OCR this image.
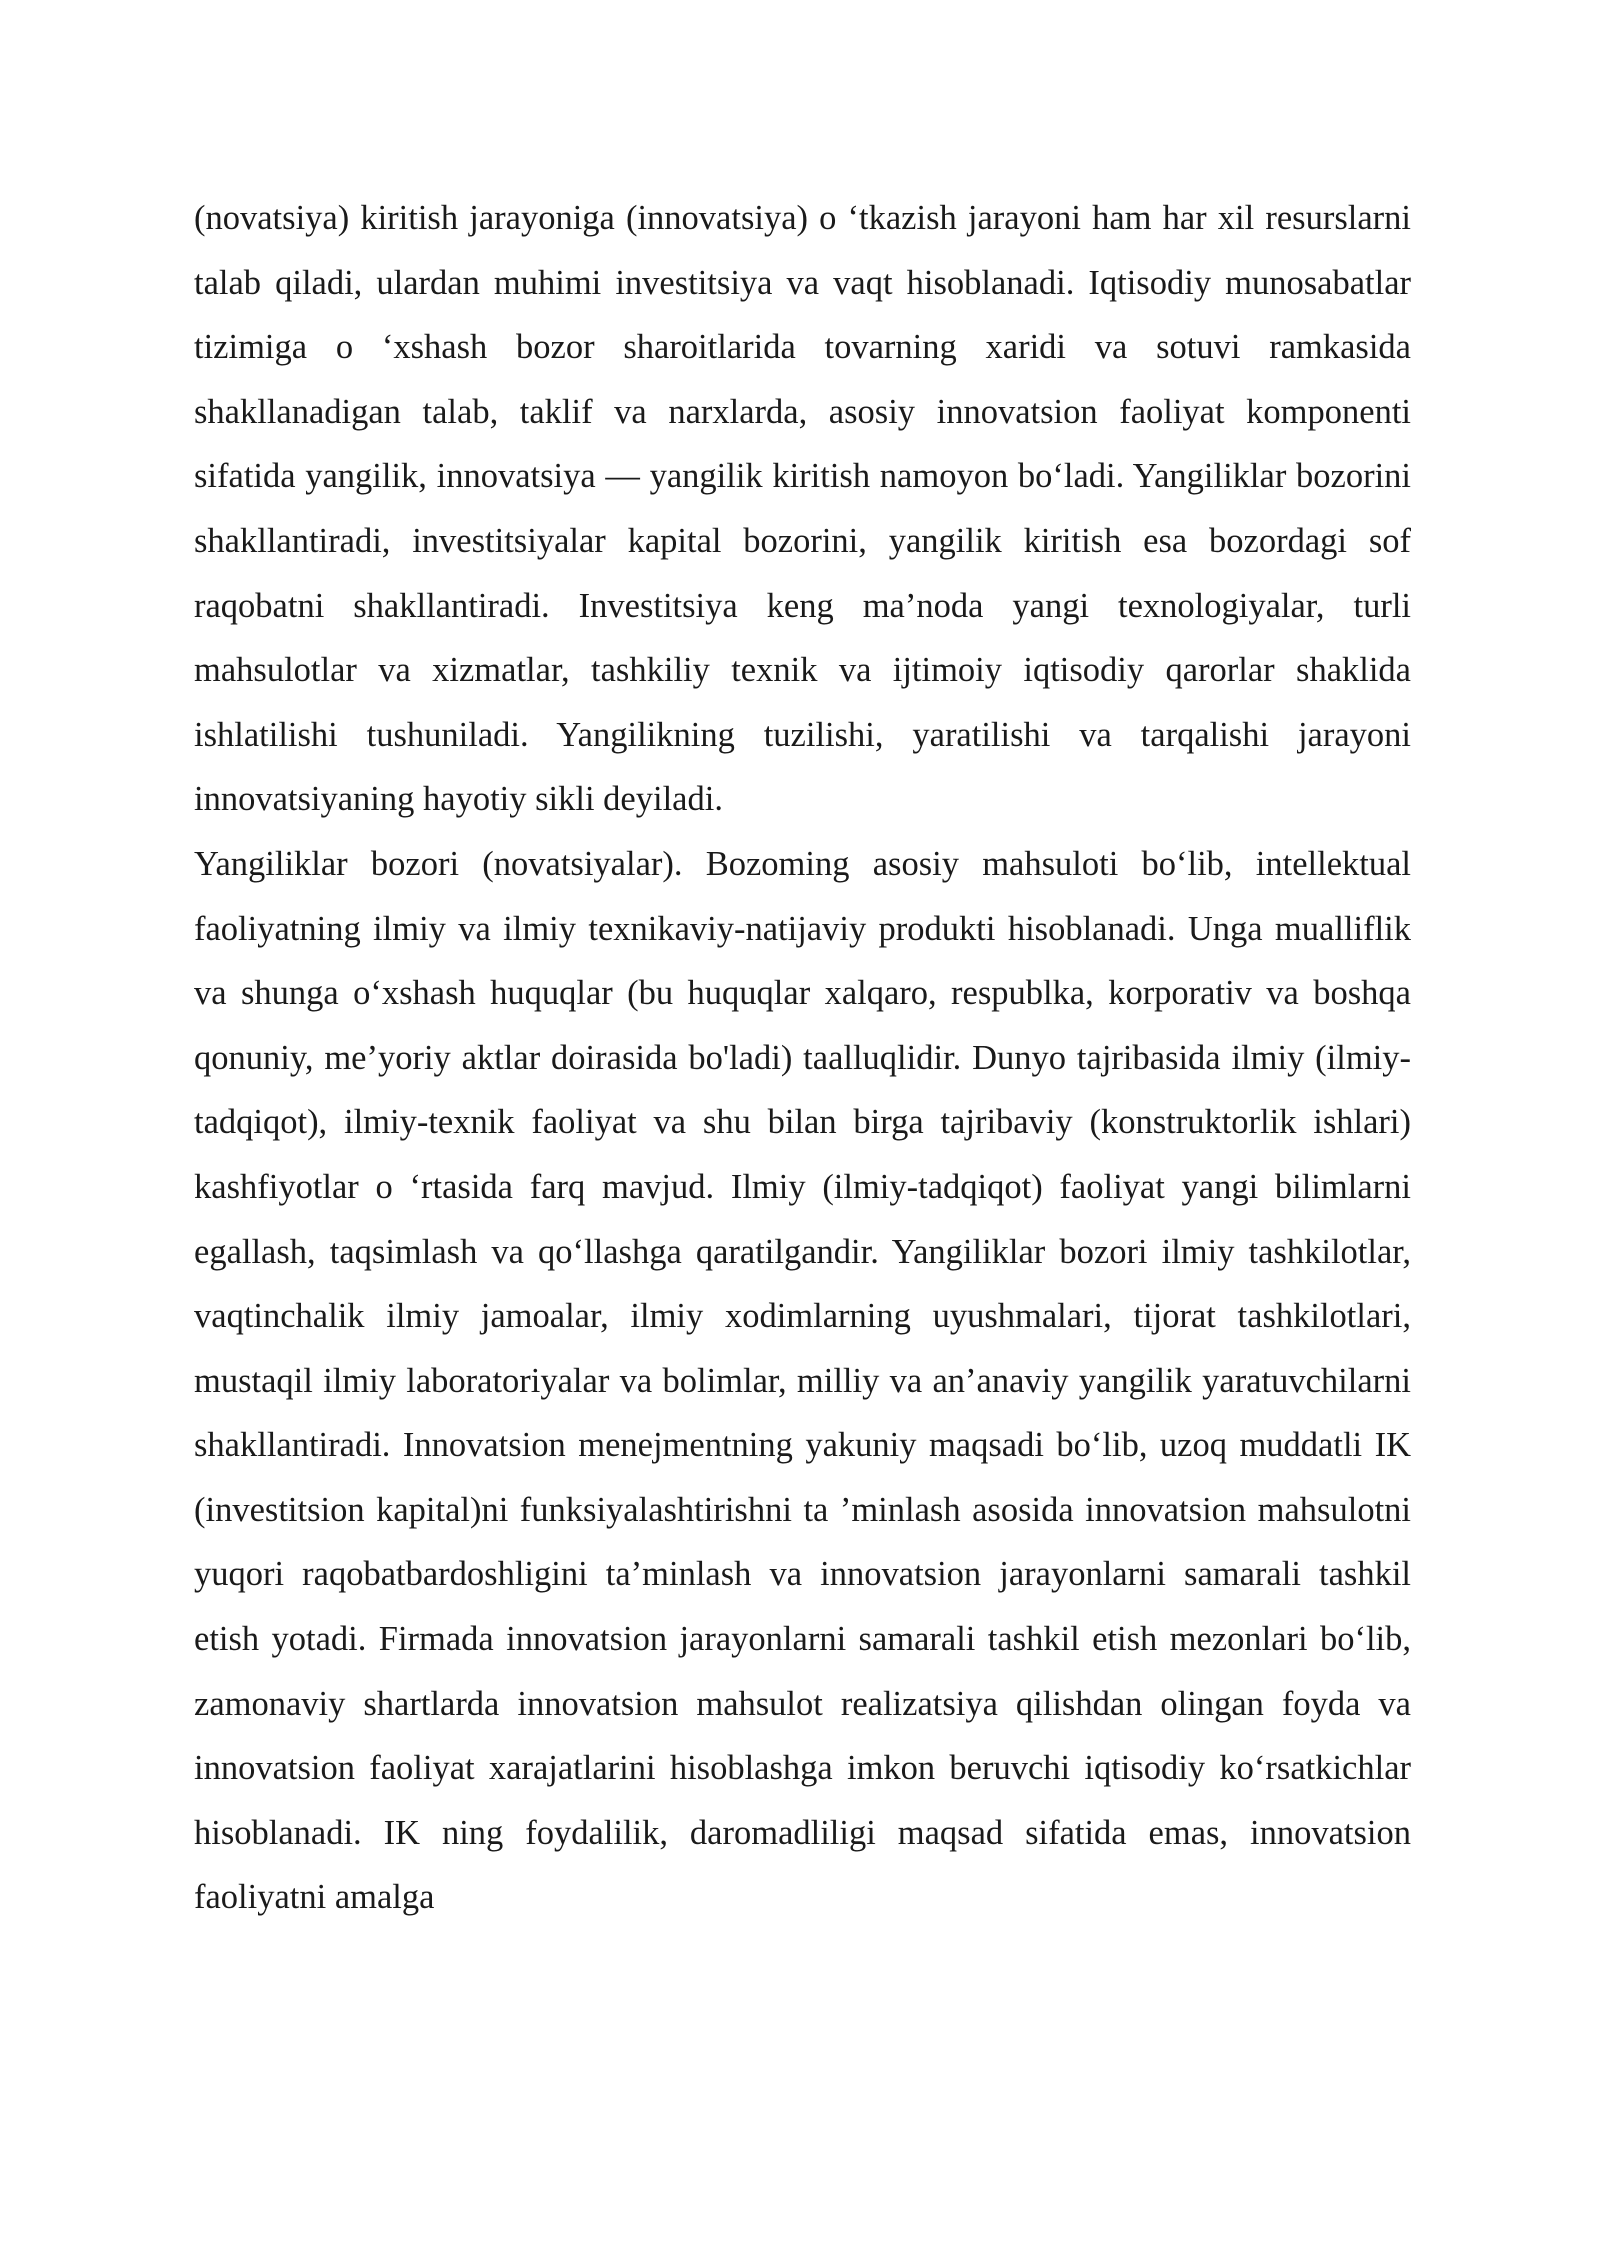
(novatsiya) kiritish jarayoniga (innovatsiya) o ‘tkazish jarayoni ham har xil resurslarni talab qiladi, ulardan muhimi investitsiya va vaqt hisoblanadi. Iqtisodiy munosabatlar tizimiga o ‘xshash bozor sharoitlarida tovarning xaridi va sotuvi ramkasida shakllanadigan talab, taklif va narxlarda, asosiy innovatsion faoliyat komponenti sifatida yangilik, innovatsiya — yangilik kiritish namoyon bo‘ladi. Yangiliklar bozorini shakllantiradi, investitsiyalar kapital bozorini, yangilik kiritish esa bozordagi sof raqobatni shakllantiradi. Investitsiya keng ma’noda yangi texnologiyalar, turli mahsulotlar va xizmatlar, tashkiliy texnik va ijtimoiy iqtisodiy qarorlar shaklida ishlatilishi tushuniladi. Yangilikning tuzilishi, yaratilishi va tarqalishi jarayoni innovatsiyaning hayotiy sikli deyiladi.

Yangiliklar bozori (novatsiyalar). Bozoming asosiy mahsuloti bo‘lib, intellektual faoliyatning ilmiy va ilmiy texnikaviy-natijaviy produkti hisoblanadi. Unga mualliflik va shunga o‘xshash huquqlar (bu huquqlar xalqaro, respublka, korporativ va boshqa qonuniy, me’yoriy aktlar doirasida bo'ladi) taalluqlidir. Dunyo tajribasida ilmiy (ilmiy-tadqiqot), ilmiy-texnik faoliyat va shu bilan birga tajribaviy (konstruktorlik ishlari) kashfiyotlar o ‘rtasida farq mavjud. Ilmiy (ilmiy-tadqiqot) faoliyat yangi bilimlarni egallash, taqsimlash va qo‘llashga qaratilgandir. Yangiliklar bozori ilmiy tashkilotlar, vaqtinchalik ilmiy jamoalar, ilmiy xodimlarning uyushmalari, tijorat tashkilotlari, mustaqil ilmiy laboratoriyalar va bolimlar, milliy va an’anaviy yangilik yaratuvchilarni shakllantiradi. Innovatsion menejmentning yakuniy maqsadi bo‘lib, uzoq muddatli IK (investitsion kapital)ni funksiyalashtirishni ta ’minlash asosida innovatsion mahsulotni yuqori raqobatbardoshligini ta’minlash va innovatsion jarayonlarni samarali tashkil etish yotadi. Firmada innovatsion jarayonlarni samarali tashkil etish mezonlari bo‘lib, zamonaviy shartlarda innovatsion mahsulot realizatsiya qilishdan olingan foyda va innovatsion faoliyat xarajatlarini hisoblashga imkon beruvchi iqtisodiy ko‘rsatkichlar hisoblanadi. IK ning foydalilik, daromadliligi maqsad sifatida emas, innovatsion faoliyatni amalga
